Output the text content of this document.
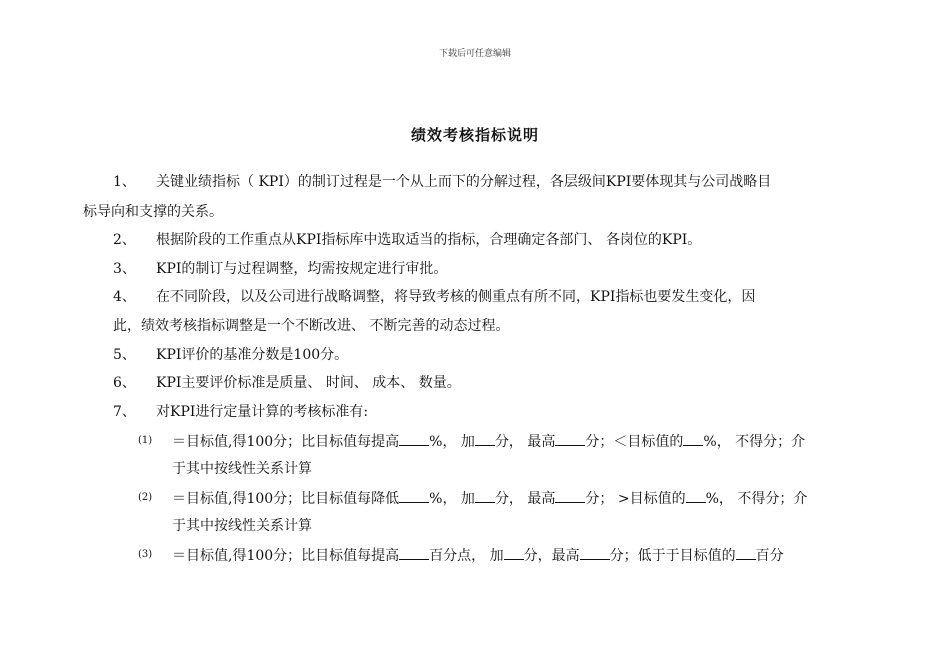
下载后可任意编辑
绩效考核指标说明
1、 关键业绩指标（ KPI）的制订过程是一个从上而下的分解过程，各层级间KPI要体现其与公司战略目
标导向和支撑的关系。
2、 根据阶段的工作重点从KPI指标库中选取适当的指标，合理确定各部门、 各岗位的KPI。
3、 KPI的制订与过程调整，均需按规定进行审批。
4、 在不同阶段，以及公司进行战略调整，将导致考核的侧重点有所不同，KPI指标也要发生变化，因
此，绩效考核指标调整是一个不断改进、 不断完善的动态过程。
5、 KPI评价的基准分数是100分。
6、 KPI主要评价标准是质量、 时间、 成本、 数量。
7、 对KPI进行定量计算的考核标准有:
(1) ＝目标值,得100分；比目标值每提高 %， 加 分， 最高 分；＜目标值的 %， 不得分；介
于其中按线性关系计算
(2) ＝目标值,得100分；比目标值每降低 %， 加 分， 最高 分； >目标值的 %， 不得分；介
于其中按线性关系计算
(3) ＝目标值,得100分；比目标值每提高 百分点， 加 分，最高 分；低于于目标值的 百分
